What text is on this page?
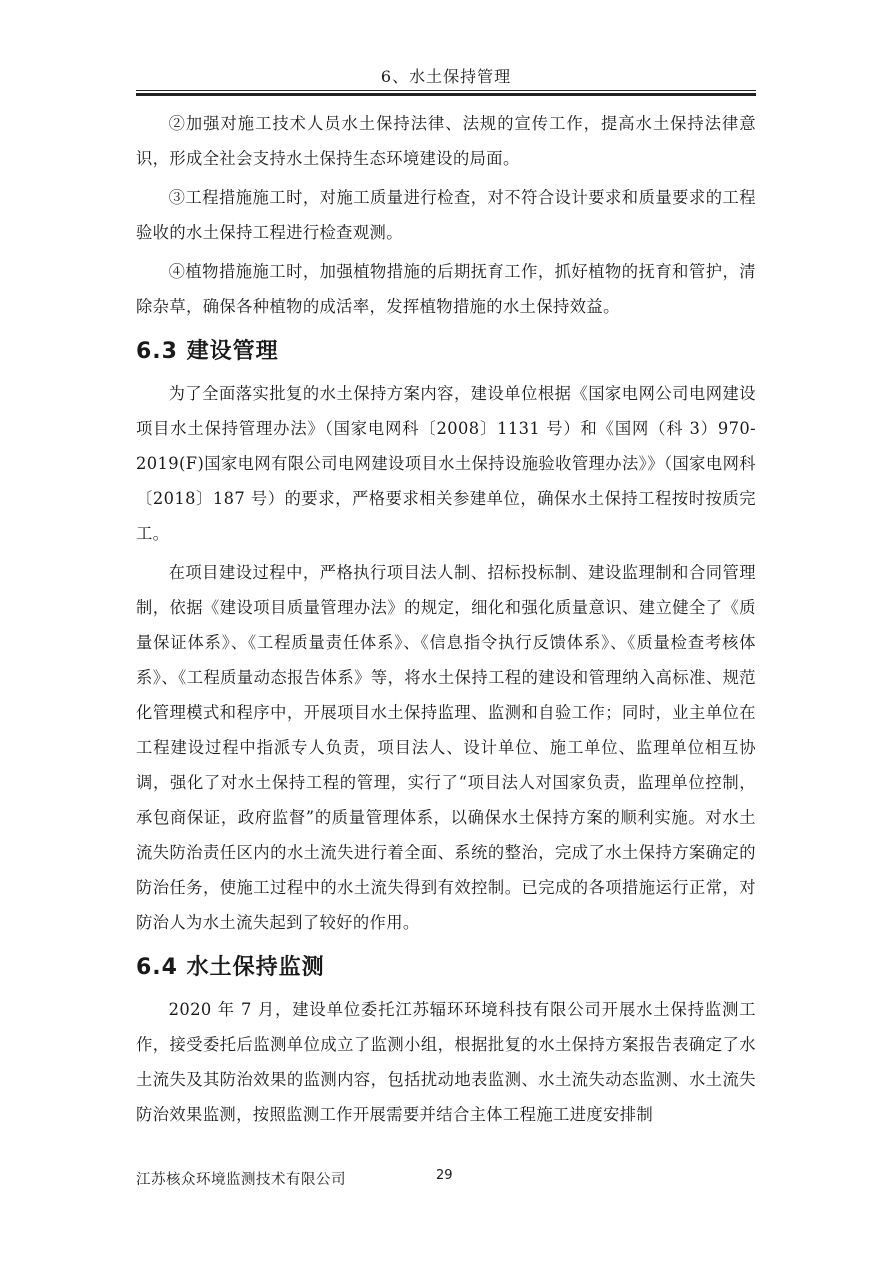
6、水土保持管理

②加强对施工技术人员水土保持法律、法规的宣传工作，提高水土保持法律意识，形成全社会支持水土保持生态环境建设的局面。

③工程措施施工时，对施工质量进行检查，对不符合设计要求和质量要求的工程验收的水土保持工程进行检查观测。

④植物措施施工时，加强植物措施的后期抚育工作，抓好植物的抚育和管护，清除杂草，确保各种植物的成活率，发挥植物措施的水土保持效益。

6.3 建设管理

为了全面落实批复的水土保持方案内容，建设单位根据《国家电网公司电网建设项目水土保持管理办法》（国家电网科〔2008〕1131 号）和《国网（科 3）970-2019(F)国家电网有限公司电网建设项目水土保持设施验收管理办法》》（国家电网科〔2018〕187 号）的要求，严格要求相关参建单位，确保水土保持工程按时按质完工。

在项目建设过程中，严格执行项目法人制、招标投标制、建设监理制和合同管理制，依据《建设项目质量管理办法》的规定，细化和强化质量意识、建立健全了《质量保证体系》、《工程质量责任体系》、《信息指令执行反馈体系》、《质量检查考核体系》、《工程质量动态报告体系》等，将水土保持工程的建设和管理纳入高标准、规范化管理模式和程序中，开展项目水土保持监理、监测和自验工作；同时，业主单位在工程建设过程中指派专人负责，项目法人、设计单位、施工单位、监理单位相互协调，强化了对水土保持工程的管理，实行了“项目法人对国家负责，监理单位控制，承包商保证，政府监督”的质量管理体系，以确保水土保持方案的顺利实施。对水土流失防治责任区内的水土流失进行着全面、系统的整治，完成了水土保持方案确定的防治任务，使施工过程中的水土流失得到有效控制。已完成的各项措施运行正常，对防治人为水土流失起到了较好的作用。

6.4 水土保持监测

2020 年 7 月，建设单位委托江苏辐环环境科技有限公司开展水土保持监测工作，接受委托后监测单位成立了监测小组，根据批复的水土保持方案报告表确定了水土流失及其防治效果的监测内容，包括扰动地表监测、水土流失动态监测、水土流失防治效果监测，按照监测工作开展需要并结合主体工程施工进度安排制

江苏核众环境监测技术有限公司	29
